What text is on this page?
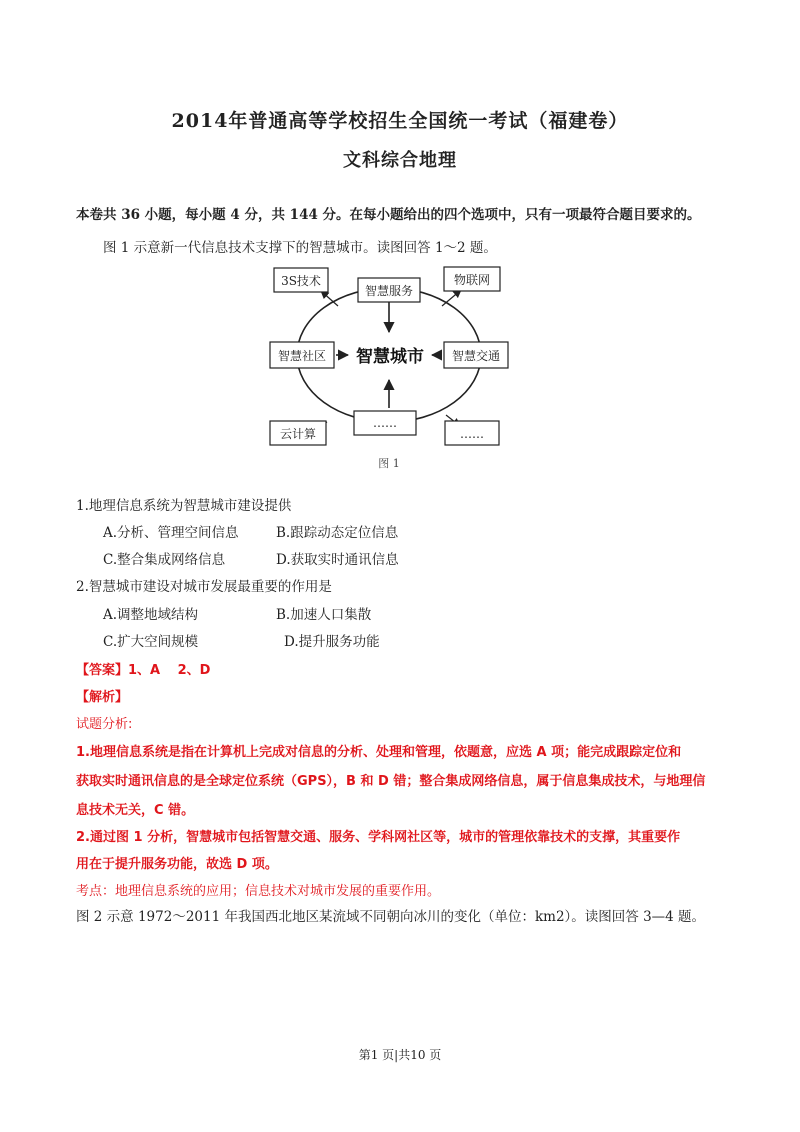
2014年普通高等学校招生全国统一考试（福建卷）
文科综合地理
本卷共 36 小题，每小题 4 分，共 144 分。在每小题给出的四个选项中，只有一项最符合题目要求的。
图 1 示意新一代信息技术支撑下的智慧城市。读图回答 1～2 题。
智慧城市
智慧服务
智慧社区	智慧交通
……
3S技术	物联网
云计算	……
图 1
1.地理信息系统为智慧城市建设提供
A.分析、管理空间信息	B.跟踪动态定位信息
C.整合集成网络信息	D.获取实时通讯信息
2.智慧城市建设对城市发展最重要的作用是
A.调整地域结构	B.加速人口集散
C.扩大空间规模	D.提升服务功能
【答案】1、A　 2、D
【解析】
试题分析:
1.地理信息系统是指在计算机上完成对信息的分析、处理和管理，依题意，应选 A 项；能完成跟踪定位和
获取实时通讯信息的是全球定位系统（GPS），B 和 D 错；整合集成网络信息，属于信息集成技术，与地理信
息技术无关，C 错。
2.通过图 1 分析，智慧城市包括智慧交通、服务、学科网社区等，城市的管理依靠技术的支撑，其重要作
用在于提升服务功能，故选 D 项。
考点：地理信息系统的应用；信息技术对城市发展的重要作用。
图 2 示意 1972～2011 年我国西北地区某流域不同朝向冰川的变化（单位：km2）。读图回答 3—4 题。
第1 页|共10 页
